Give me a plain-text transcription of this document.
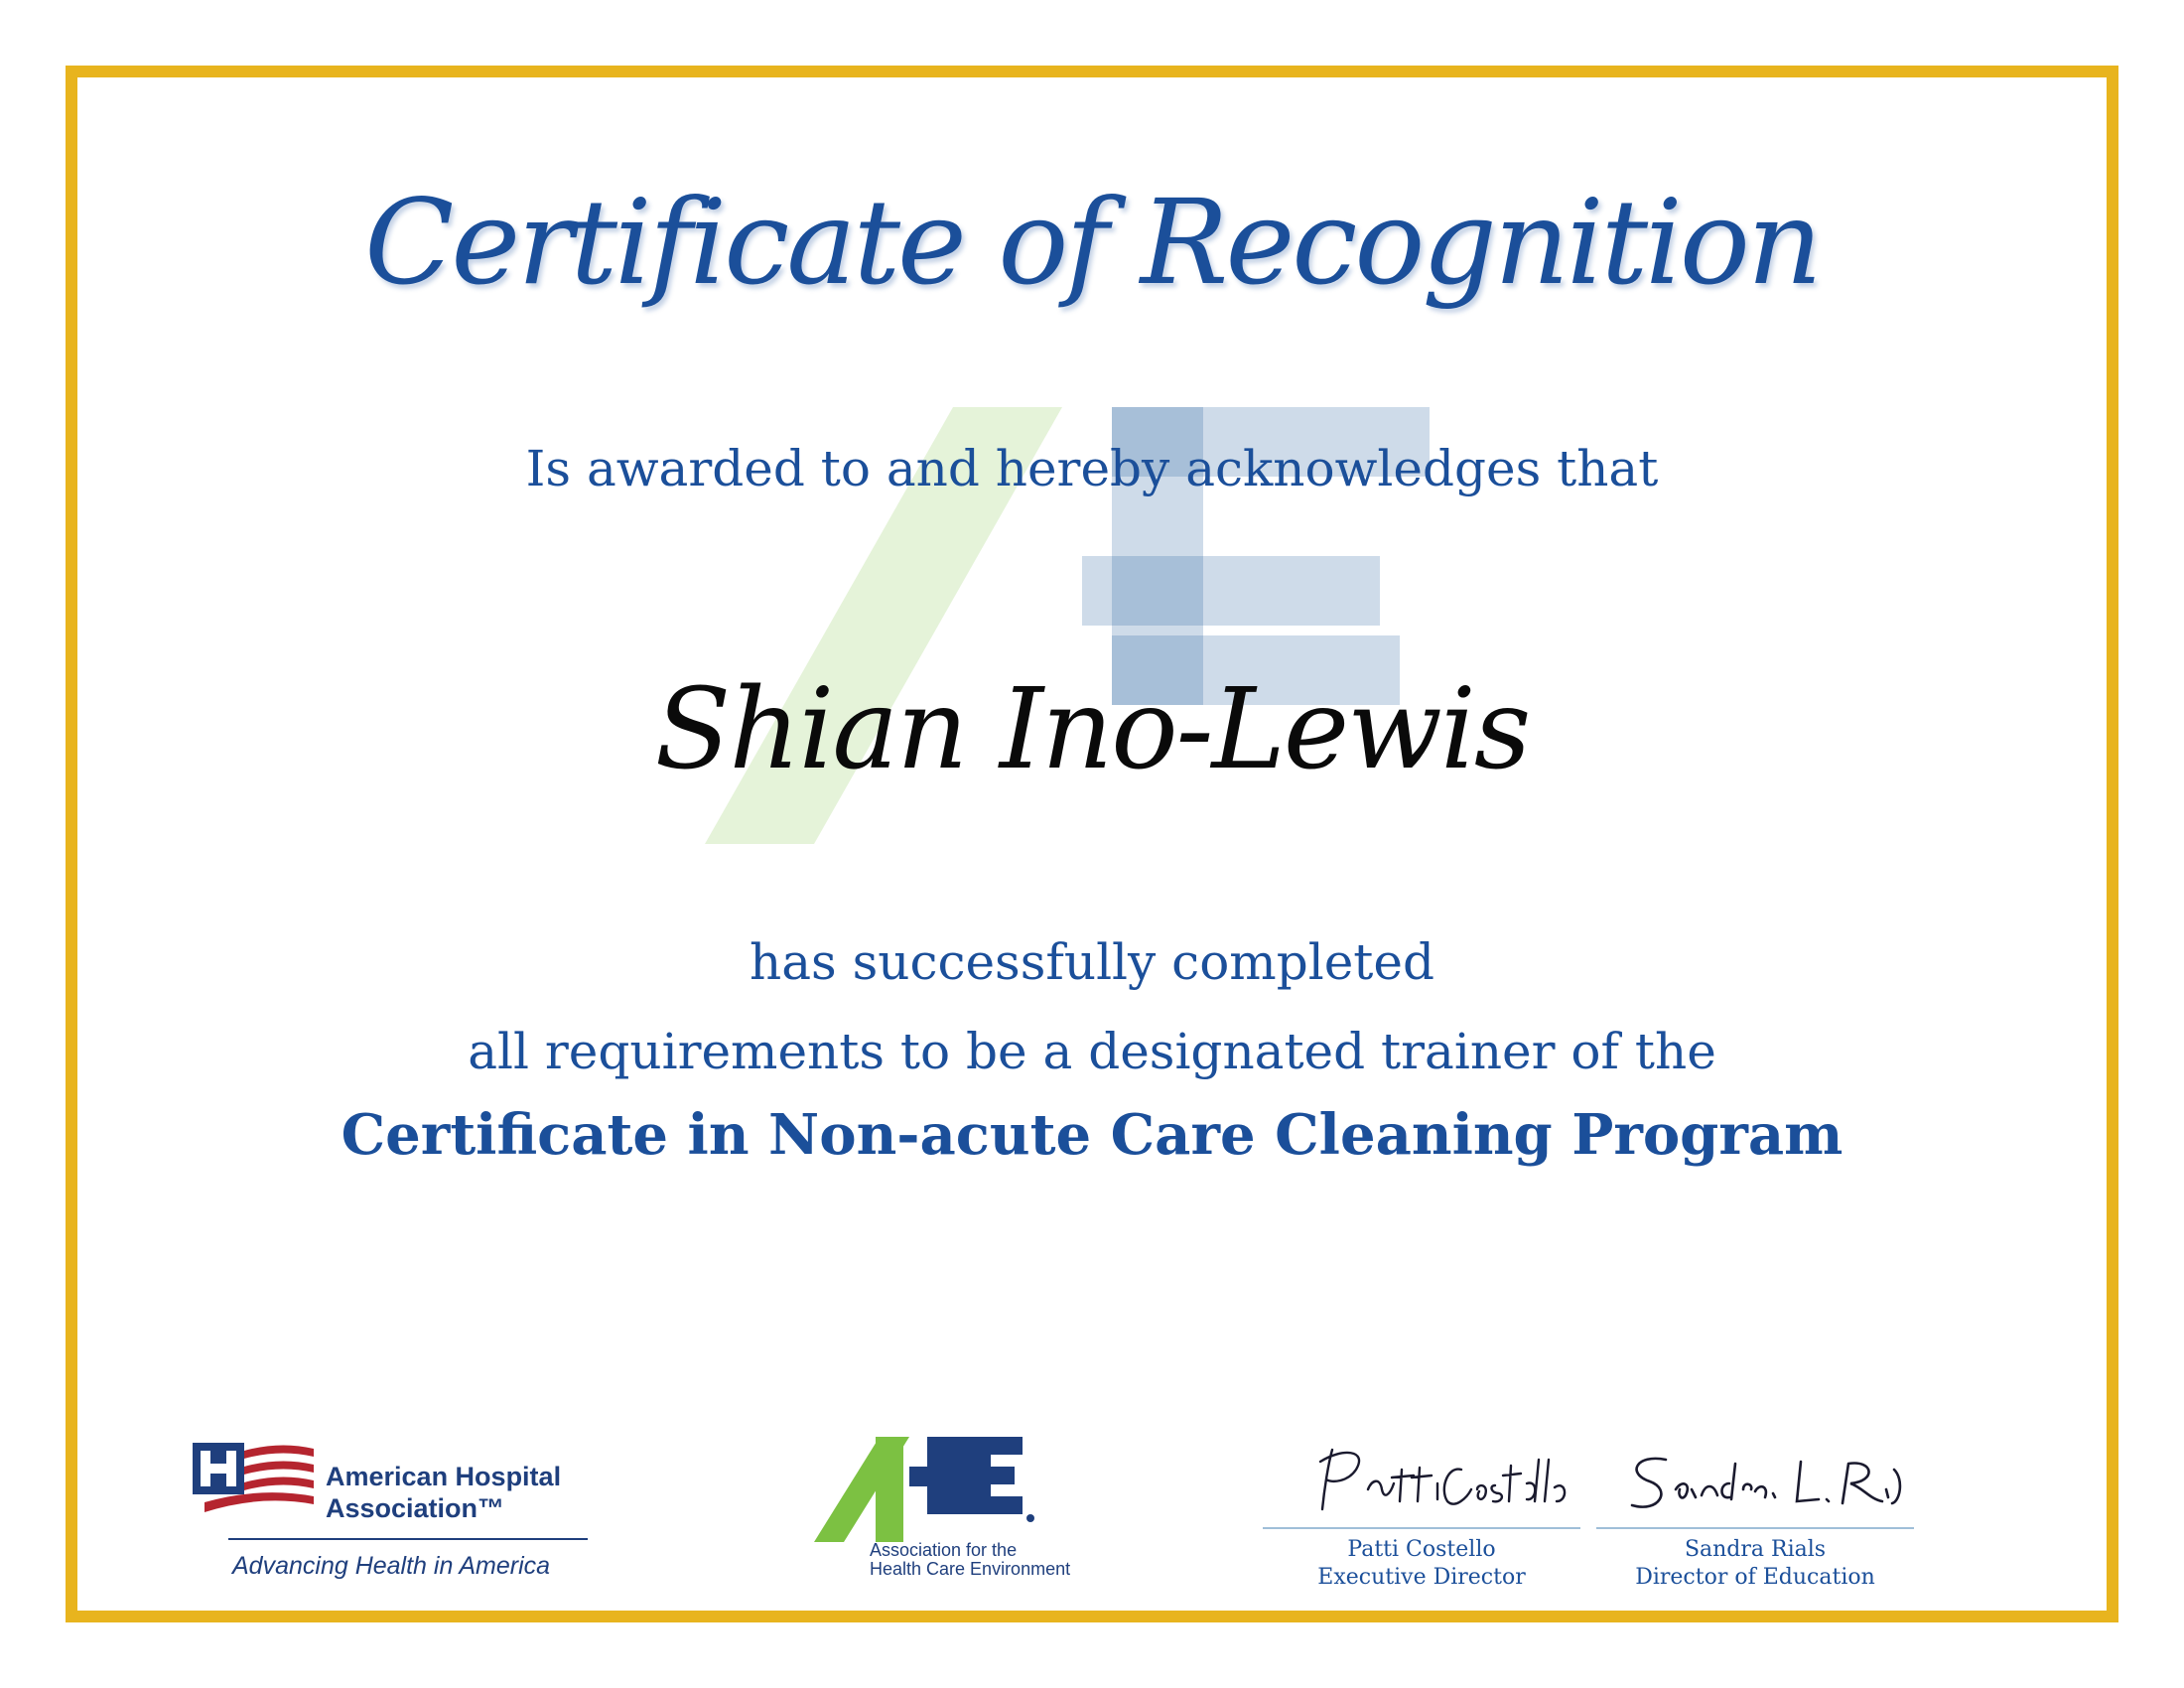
Certificate of Recognition
Is awarded to and hereby acknowledges that
Shian Ino-Lewis
has successfully completed
all requirements to be a designated trainer of the
Certificate in Non-acute Care Cleaning Program
American Hospital
Association™
Advancing Health in America
Association for the
Health Care Environment
Patti Costello
Executive Director
Sandra Rials
Director of Education
